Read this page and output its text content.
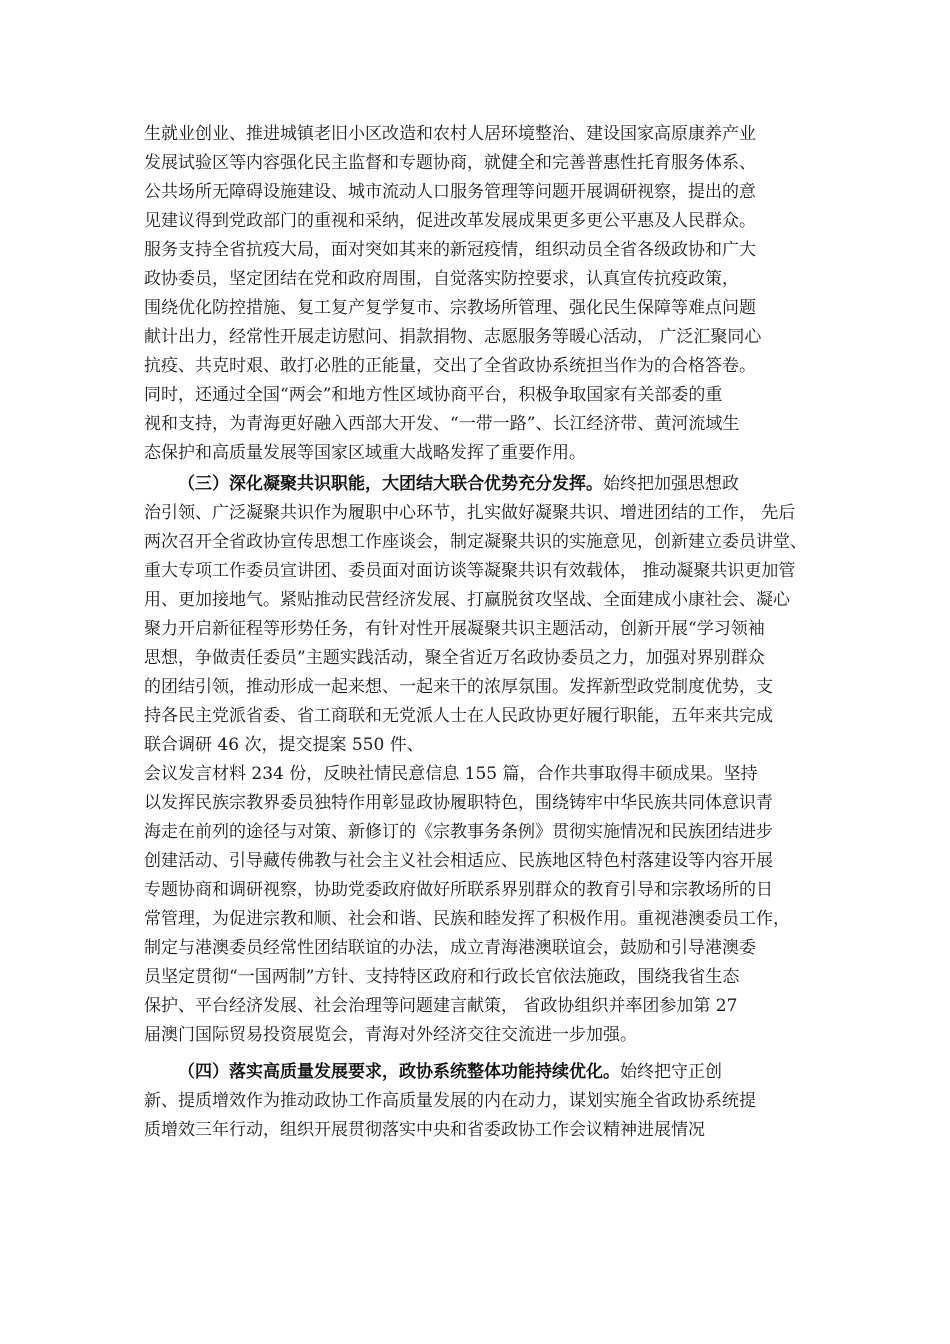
生就业创业、推进城镇老旧小区改造和农村人居环境整治、建设国家高原康养产业
发展试验区等内容强化民主监督和专题协商，就健全和完善普惠性托育服务体系、
公共场所无障碍设施建设、城市流动人口服务管理等问题开展调研视察，提出的意
见建议得到党政部门的重视和采纳，促进改革发展成果更多更公平惠及人民群众。
服务支持全省抗疫大局，面对突如其来的新冠疫情，组织动员全省各级政协和广大
政协委员，坚定团结在党和政府周围，自觉落实防控要求，认真宣传抗疫政策，
围绕优化防控措施、复工复产复学复市、宗教场所管理、强化民生保障等难点问题
献计出力，经常性开展走访慰问、捐款捐物、志愿服务等暖心活动， 广泛汇聚同心
抗疫、共克时艰、敢打必胜的正能量，交出了全省政协系统担当作为的合格答卷。
同时，还通过全国“两会”和地方性区域协商平台，积极争取国家有关部委的重
视和支持，为青海更好融入西部大开发、“一带一路”、长江经济带、黄河流域生
态保护和高质量发展等国家区域重大战略发挥了重要作用。
（三）深化凝聚共识职能，大团结大联合优势充分发挥。始终把加强思想政
治引领、广泛凝聚共识作为履职中心环节，扎实做好凝聚共识、增进团结的工作， 先后
两次召开全省政协宣传思想工作座谈会，制定凝聚共识的实施意见，创新建立委员讲堂、
重大专项工作委员宣讲团、委员面对面访谈等凝聚共识有效载体， 推动凝聚共识更加管
用、更加接地气。紧贴推动民营经济发展、打赢脱贫攻坚战、全面建成小康社会、凝心
聚力开启新征程等形势任务，有针对性开展凝聚共识主题活动，创新开展“学习领袖
思想，争做责任委员”主题实践活动，聚全省近万名政协委员之力，加强对界别群众
的团结引领，推动形成一起来想、一起来干的浓厚氛围。发挥新型政党制度优势，支
持各民主党派省委、省工商联和无党派人士在人民政协更好履行职能，五年来共完成
联合调研 46 次，提交提案 550 件、
会议发言材料 234 份，反映社情民意信息 155 篇，合作共事取得丰硕成果。坚持
以发挥民族宗教界委员独特作用彰显政协履职特色，围绕铸牢中华民族共同体意识青
海走在前列的途径与对策、新修订的《宗教事务条例》贯彻实施情况和民族团结进步
创建活动、引导藏传佛教与社会主义社会相适应、民族地区特色村落建设等内容开展
专题协商和调研视察，协助党委政府做好所联系界别群众的教育引导和宗教场所的日
常管理，为促进宗教和顺、社会和谐、民族和睦发挥了积极作用。重视港澳委员工作，
制定与港澳委员经常性团结联谊的办法，成立青海港澳联谊会，鼓励和引导港澳委
员坚定贯彻“一国两制”方针、支持特区政府和行政长官依法施政，围绕我省生态
保护、平台经济发展、社会治理等问题建言献策， 省政协组织并率团参加第 27
届澳门国际贸易投资展览会，青海对外经济交往交流进一步加强。
（四）落实高质量发展要求，政协系统整体功能持续优化。始终把守正创
新、提质增效作为推动政协工作高质量发展的内在动力，谋划实施全省政协系统提
质增效三年行动，组织开展贯彻落实中央和省委政协工作会议精神进展情况
